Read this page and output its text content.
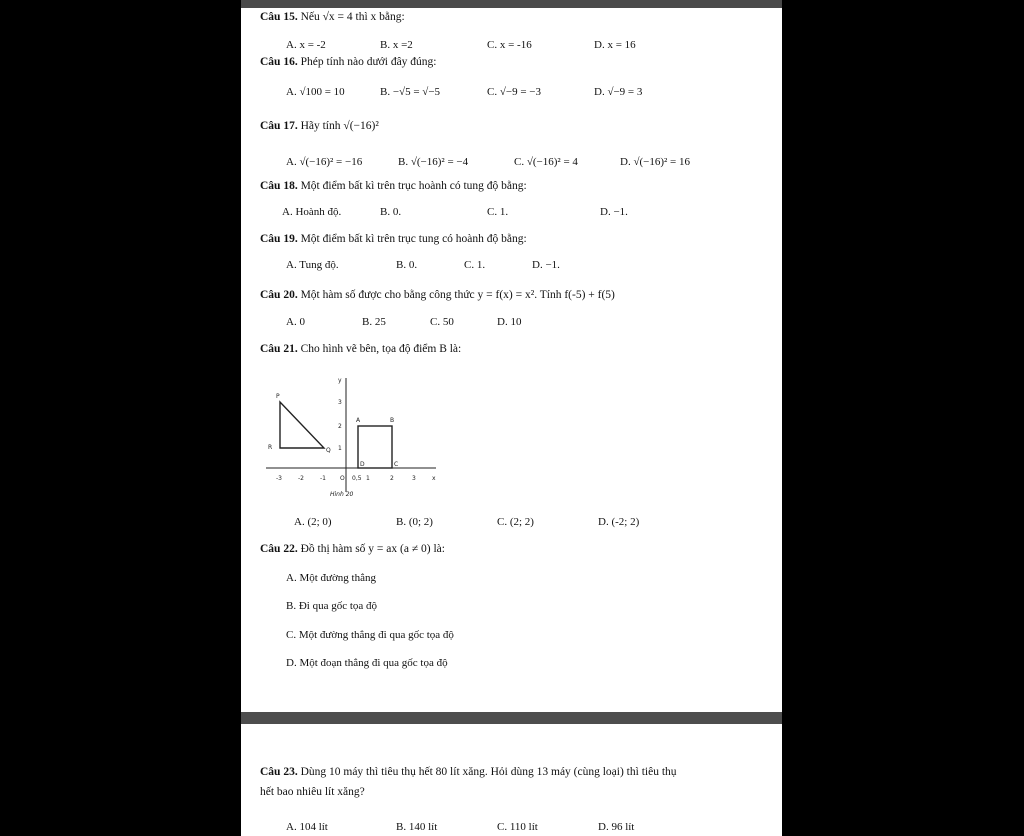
Câu 15. Nếu √x = 4 thì x bằng:
A. x = -2	B. x =2	C. x = -16	D. x = 16
Câu 16. Phép tính nào dưới đây đúng:
A. √100 = 10	B. −√5 = √−5	C. √−9 = −3	D. √−9 = 3
Câu 17. Hãy tính √(−16)²
A. √(−16)² = −16	B. √(−16)² = −4	C. √(−16)² = 4	D. √(−16)² = 16
Câu 18. Một điểm bất kì trên trục hoành có tung độ bằng:
A. Hoành độ.	B. 0.	C. 1.	D. −1.
Câu 19. Một điểm bất kì trên trục tung có hoành độ bằng:
A. Tung độ.	B. 0.	C. 1.	D. −1.
Câu 20. Một hàm số được cho bằng công thức y = f(x) = x². Tính f(-5) + f(5)
A. 0	B. 25	C. 50	D. 10
Câu 21. Cho hình vẽ bên, tọa độ điểm B là:
P
R	Q
A	B
D	C
-3	-2	-1 O 0,5 1	2	3	x
y
3
2
1
Hình 20
A. (2; 0)	B. (0; 2)	C. (2; 2)	D. (-2; 2)
Câu 22. Đồ thị hàm số y = ax (a ≠ 0) là:
A. Một đường thẳng
B. Đi qua gốc tọa độ
C. Một đường thẳng đi qua gốc tọa độ
D. Một đoạn thẳng đi qua gốc tọa độ
Câu 23. Dùng 10 máy thì tiêu thụ hết 80 lít xăng. Hỏi dùng 13 máy (cùng loại) thì tiêu thụ
hết bao nhiêu lít xăng?
A. 104 lít	B. 140 lít	C. 110 lít	D. 96 lít
